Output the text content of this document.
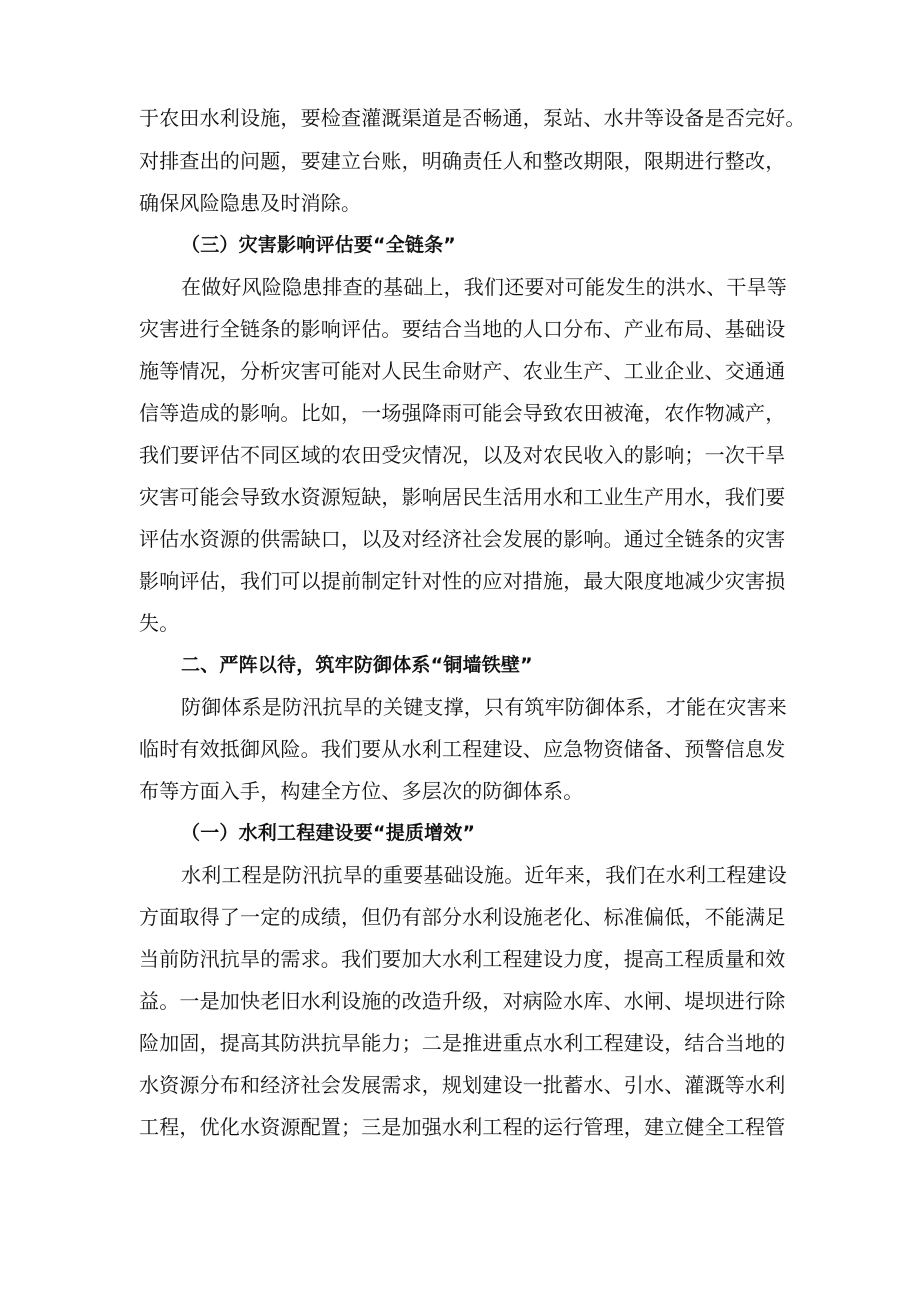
于农田水利设施，要检查灌溉渠道是否畅通，泵站、水井等设备是否完好。
对排查出的问题，要建立台账，明确责任人和整改期限，限期进行整改，
确保风险隐患及时消除。
（三）灾害影响评估要“全链条”
在做好风险隐患排查的基础上，我们还要对可能发生的洪水、干旱等
灾害进行全链条的影响评估。要结合当地的人口分布、产业布局、基础设
施等情况，分析灾害可能对人民生命财产、农业生产、工业企业、交通通
信等造成的影响。比如，一场强降雨可能会导致农田被淹，农作物减产，
我们要评估不同区域的农田受灾情况，以及对农民收入的影响；一次干旱
灾害可能会导致水资源短缺，影响居民生活用水和工业生产用水，我们要
评估水资源的供需缺口，以及对经济社会发展的影响。通过全链条的灾害
影响评估，我们可以提前制定针对性的应对措施，最大限度地减少灾害损
失。
二、严阵以待，筑牢防御体系“铜墙铁壁”
防御体系是防汛抗旱的关键支撑，只有筑牢防御体系，才能在灾害来
临时有效抵御风险。我们要从水利工程建设、应急物资储备、预警信息发
布等方面入手，构建全方位、多层次的防御体系。
（一）水利工程建设要“提质增效”
水利工程是防汛抗旱的重要基础设施。近年来，我们在水利工程建设
方面取得了一定的成绩，但仍有部分水利设施老化、标准偏低，不能满足
当前防汛抗旱的需求。我们要加大水利工程建设力度，提高工程质量和效
益。一是加快老旧水利设施的改造升级，对病险水库、水闸、堤坝进行除
险加固，提高其防洪抗旱能力；二是推进重点水利工程建设，结合当地的
水资源分布和经济社会发展需求，规划建设一批蓄水、引水、灌溉等水利
工程，优化水资源配置；三是加强水利工程的运行管理，建立健全工程管
